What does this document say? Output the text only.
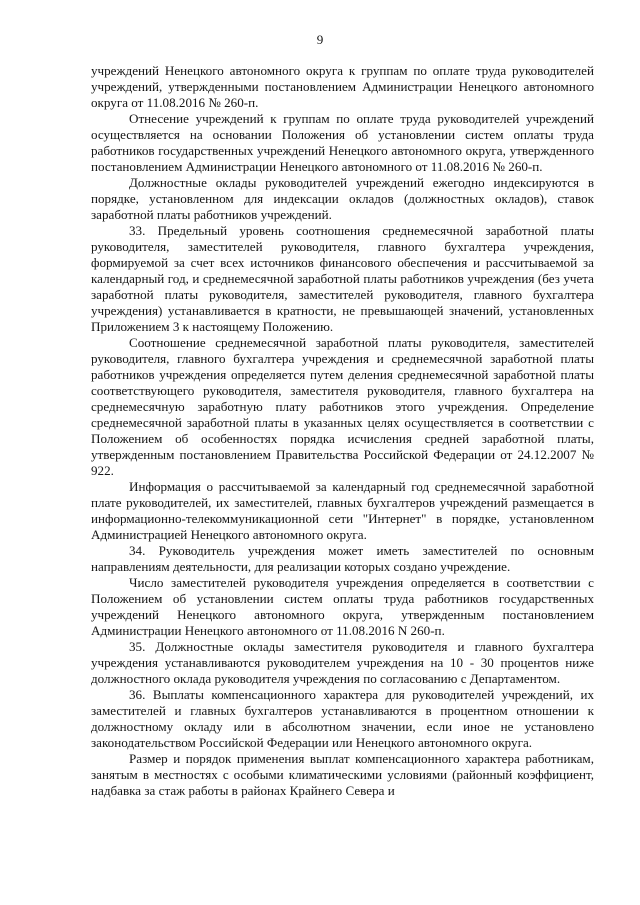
9

учреждений Ненецкого автономного округа к группам по оплате труда руководителей учреждений, утвержденными постановлением Администрации Ненецкого автономного округа от 11.08.2016 № 260-п.

Отнесение учреждений к группам по оплате труда руководителей учреждений осуществляется на основании Положения об установлении систем оплаты труда работников государственных учреждений Ненецкого автономного округа, утвержденного постановлением Администрации Ненецкого автономного от 11.08.2016 № 260-п.

Должностные оклады руководителей учреждений ежегодно индексируются в порядке, установленном для индексации окладов (должностных окладов), ставок заработной платы работников учреждений.

33. Предельный уровень соотношения среднемесячной заработной платы руководителя, заместителей руководителя, главного бухгалтера учреждения, формируемой за счет всех источников финансового обеспечения и рассчитываемой за календарный год, и среднемесячной заработной платы работников учреждения (без учета заработной платы руководителя, заместителей руководителя, главного бухгалтера учреждения) устанавливается в кратности, не превышающей значений, установленных Приложением 3 к настоящему Положению.

Соотношение среднемесячной заработной платы руководителя, заместителей руководителя, главного бухгалтера учреждения и среднемесячной заработной платы работников учреждения определяется путем деления среднемесячной заработной платы соответствующего руководителя, заместителя руководителя, главного бухгалтера на среднемесячную заработную плату работников этого учреждения. Определение среднемесячной заработной платы в указанных целях осуществляется в соответствии с Положением об особенностях порядка исчисления средней заработной платы, утвержденным постановлением Правительства Российской Федерации от 24.12.2007 № 922.

Информация о рассчитываемой за календарный год среднемесячной заработной плате руководителей, их заместителей, главных бухгалтеров учреждений размещается в информационно-телекоммуникационной сети "Интернет" в порядке, установленном Администрацией Ненецкого автономного округа.

34. Руководитель учреждения может иметь заместителей по основным направлениям деятельности, для реализации которых создано учреждение.

Число заместителей руководителя учреждения определяется в соответствии с Положением об установлении систем оплаты труда работников государственных учреждений Ненецкого автономного округа, утвержденным постановлением Администрации Ненецкого автономного от 11.08.2016 N 260-п.

35. Должностные оклады заместителя руководителя и главного бухгалтера учреждения устанавливаются руководителем учреждения на 10 - 30 процентов ниже должностного оклада руководителя учреждения по согласованию с Департаментом.

36. Выплаты компенсационного характера для руководителей учреждений, их заместителей и главных бухгалтеров устанавливаются в процентном отношении к должностному окладу или в абсолютном значении, если иное не установлено законодательством Российской Федерации или Ненецкого автономного округа.

Размер и порядок применения выплат компенсационного характера работникам, занятым в местностях с особыми климатическими условиями (районный коэффициент, надбавка за стаж работы в районах Крайнего Севера и
